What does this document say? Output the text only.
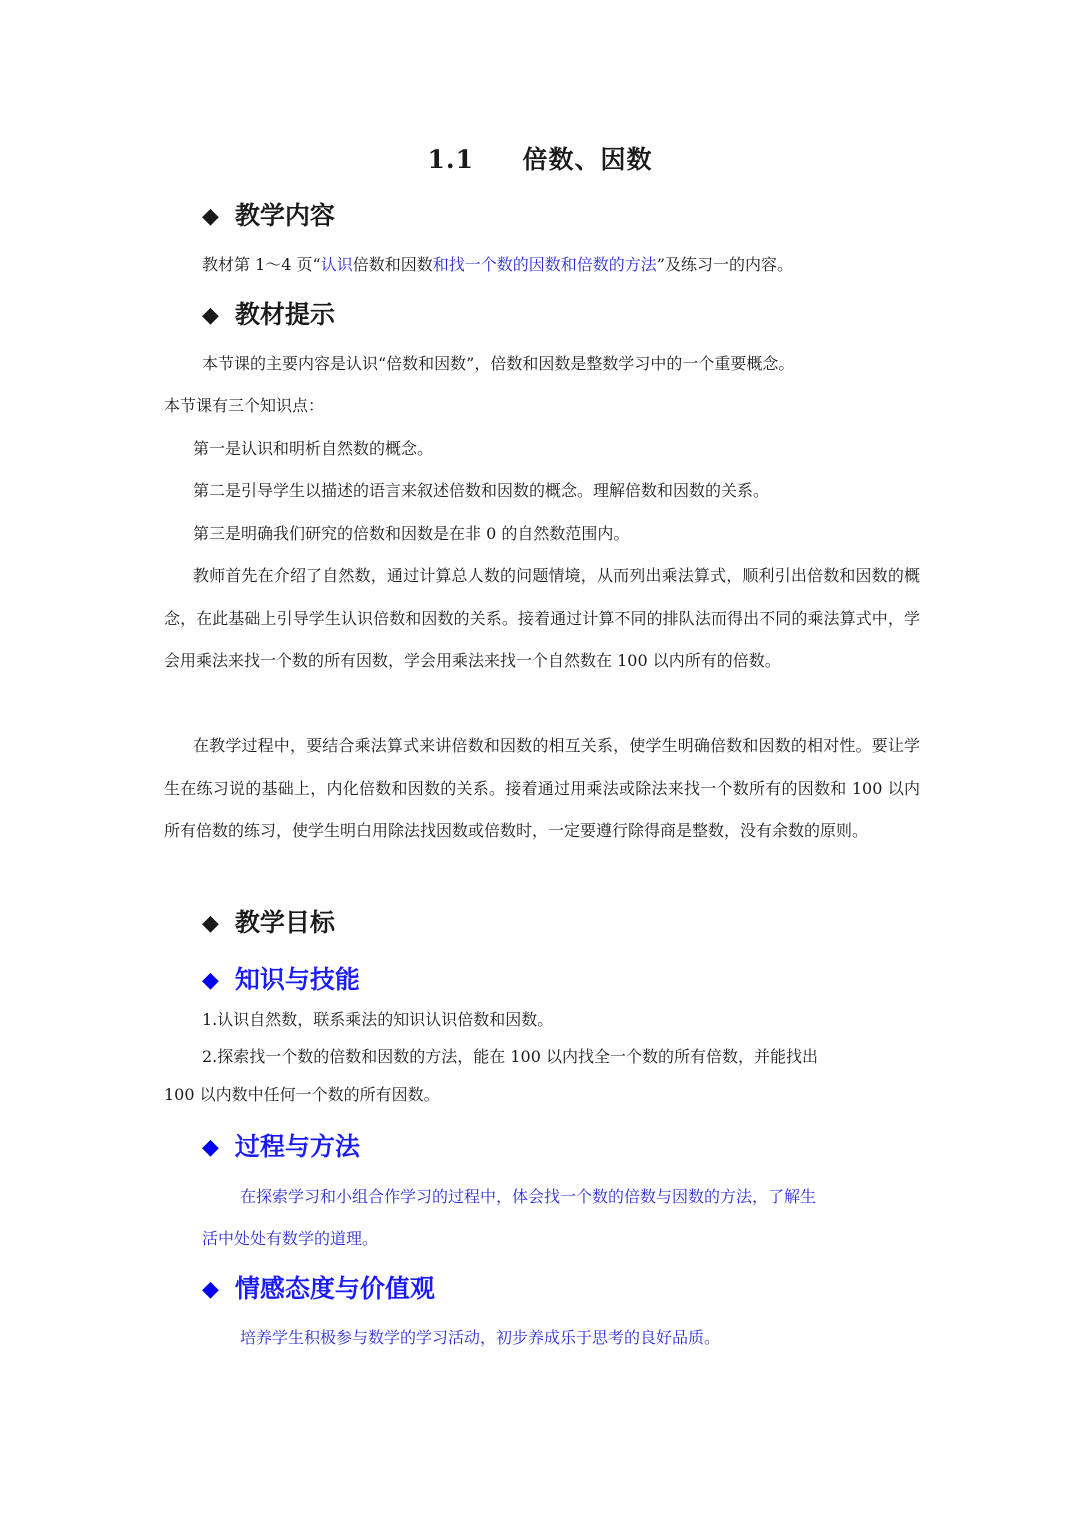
1.1     倍数、因数
◆ 教学内容
教材第 1～4 页“认识倍数和因数和找一个数的因数和倍数的方法”及练习一的内容。
◆ 教材提示
本节课的主要内容是认识“倍数和因数”，倍数和因数是整数学习中的一个重要概念。
本节课有三个知识点：
第一是认识和明析自然数的概念。
第二是引导学生以描述的语言来叙述倍数和因数的概念。理解倍数和因数的关系。
第三是明确我们研究的倍数和因数是在非 0 的自然数范围内。

教师首先在介绍了自然数，通过计算总人数的问题情境，从而列出乘法算式，顺利引出倍数和因数的概念，在此基础上引导学生认识倍数和因数的关系。接着通过计算不同的排队法而得出不同的乘法算式中，学会用乘法来找一个数的所有因数，学会用乘法来找一个自然数在 100 以内所有的倍数。

在教学过程中，要结合乘法算式来讲倍数和因数的相互关系，使学生明确倍数和因数的相对性。要让学生在练习说的基础上，内化倍数和因数的关系。接着通过用乘法或除法来找一个数所有的因数和 100 以内所有倍数的练习，使学生明白用除法找因数或倍数时，一定要遵行除得商是整数，没有余数的原则。

◆ 教学目标
◆ 知识与技能
1.认识自然数，联系乘法的知识认识倍数和因数。
2.探索找一个数的倍数和因数的方法，能在 100 以内找全一个数的所有倍数，并能找出
100 以内数中任何一个数的所有因数。
◆ 过程与方法
在探索学习和小组合作学习的过程中，体会找一个数的倍数与因数的方法，了解生
活中处处有数学的道理。
◆ 情感态度与价值观
培养学生积极参与数学的学习活动，初步养成乐于思考的良好品质。
